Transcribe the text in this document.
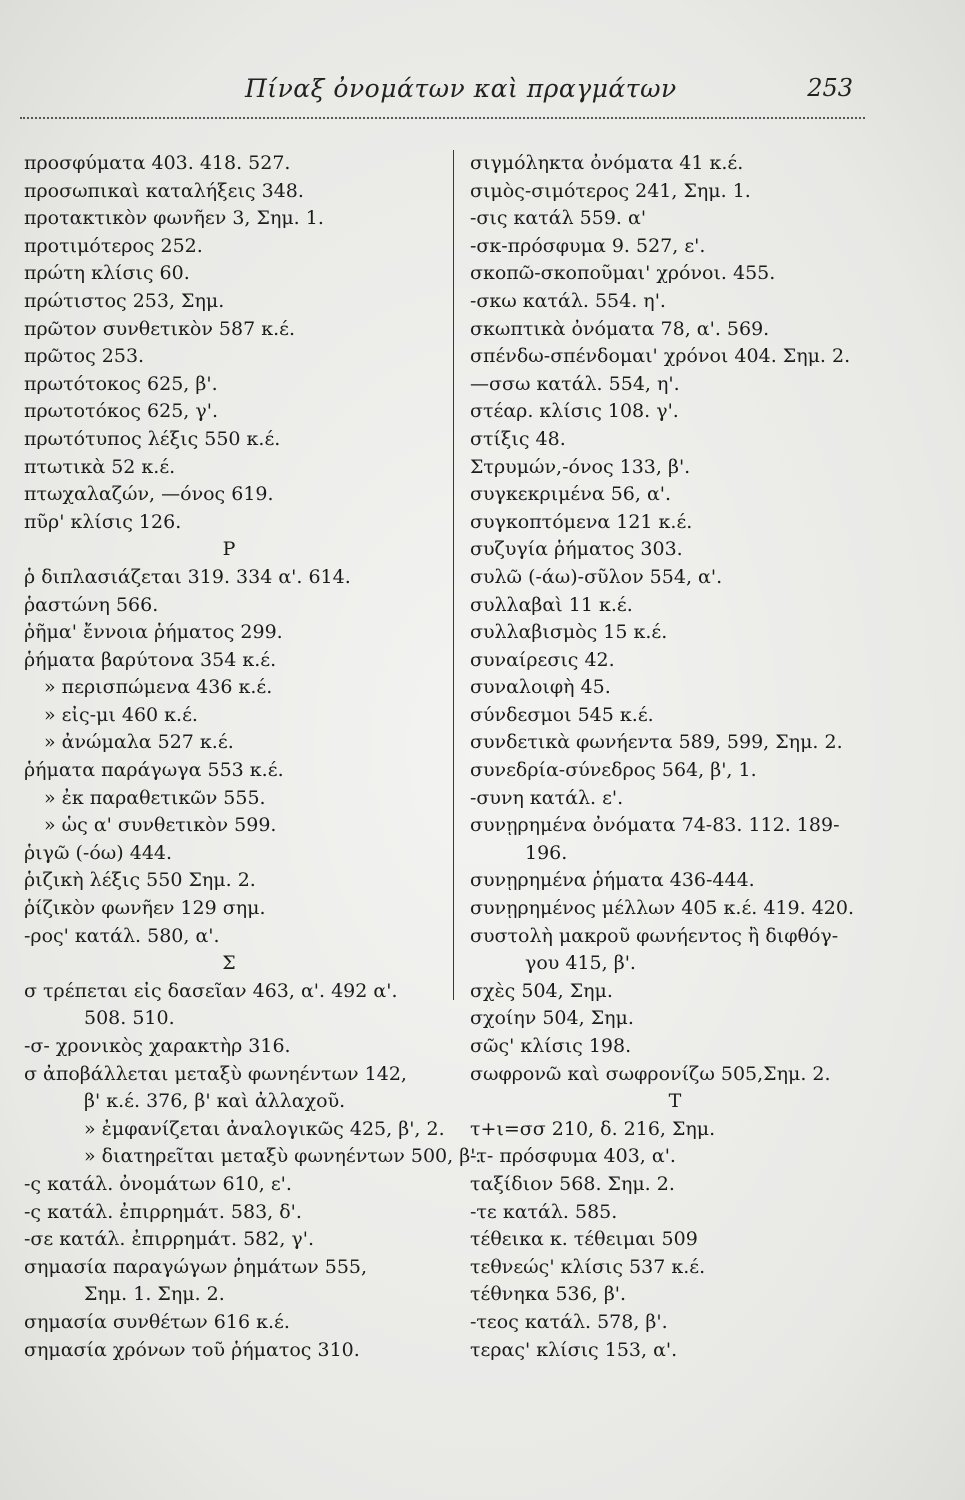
Πίναξ ὀνομάτων καὶ πραγμάτων	253
προσφύματα 403. 418. 527.
προσωπικαὶ καταλήξεις 348.
προτακτικὸν φωνῆεν 3, Σημ. 1.
προτιμότερος 252.
πρώτη κλίσις 60.
πρώτιστος 253, Σημ.
πρῶτον συνθετικὸν 587 κ.έ.
πρῶτος 253.
πρωτότοκος 625, β'.
πρωτοτόκος 625, γ'.
πρωτότυπος λέξις 550 κ.έ.
πτωτικὰ 52 κ.έ.
πτωχαλαζών, —όνος 619.
πῦρ' κλίσις 126.
Ρ
ῥ διπλασιάζεται 319. 334 α'. 614.
ῥαστώνη 566.
ῥῆμα' ἔννοια ῥήματος 299.
ῥήματα βαρύτονα 354 κ.έ.
» περισπώμενα 436 κ.έ.
» εἰς-μι 460 κ.έ.
» ἀνώμαλα 527 κ.έ.
ῥήματα παράγωγα 553 κ.έ.
» ἐκ παραθετικῶν 555.
» ὡς α' συνθετικὸν 599.
ῥιγῶ (-όω) 444.
ῥιζικὴ λέξις 550 Σημ. 2.
ῥίζικὸν φωνῆεν 129 σημ.
-ρος' κατάλ. 580, α'.
Σ
σ τρέπεται εἰς δασεῖαν 463, α'. 492 α'.
508. 510.
-σ- χρονικὸς χαρακτὴρ 316.
σ ἀποβάλλεται μεταξὺ φωνηέντων 142,
β' κ.έ. 376, β' καὶ ἀλλαχοῦ.
» ἐμφανίζεται ἀναλογικῶς 425, β', 2.
» διατηρεῖται μεταξὺ φωνηέντων 500, β'.
-ς κατάλ. ὀνομάτων 610, ε'.
-ς κατάλ. ἐπιρρημάτ. 583, δ'.
-σε κατάλ. ἐπιρρημάτ. 582, γ'.
σημασία παραγώγων ῥημάτων 555,
Σημ. 1. Σημ. 2.
σημασία συνθέτων 616 κ.έ.
σημασία χρόνων τοῦ ῥήματος 310.
σιγμόληκτα ὀνόματα 41 κ.έ.
σιμὸς-σιμότερος 241, Σημ. 1.
-σις κατάλ 559. α'
-σκ-πρόσφυμα 9. 527, ε'.
σκοπῶ-σκοποῦμαι' χρόνοι. 455.
-σκω κατάλ. 554. η'.
σκωπτικὰ ὀνόματα 78, α'. 569.
σπένδω-σπένδομαι' χρόνοι 404. Σημ. 2.
—σσω κατάλ. 554, η'.
στέαρ. κλίσις 108. γ'.
στίξις 48.
Στρυμών,-όνος 133, β'.
συγκεκριμένα 56, α'.
συγκοπτόμενα 121 κ.έ.
συζυγία ῥήματος 303.
συλῶ (-άω)-σῦλον 554, α'.
συλλαβαὶ 11 κ.έ.
συλλαβισμὸς 15 κ.έ.
συναίρεσις 42.
συναλοιφὴ 45.
σύνδεσμοι 545 κ.έ.
συνδετικὰ φωνήεντα 589, 599, Σημ. 2.
συνεδρία-σύνεδρος 564, β', 1.
-συνη κατάλ. ε'.
συνῃρημένα ὀνόματα 74-83. 112. 189-
196.
συνῃρημένα ῥήματα 436-444.
συνῃρημένος μέλλων 405 κ.έ. 419. 420.
συστολὴ μακροῦ φωνήεντος ἢ διφθόγ-
γου 415, β'.
σχὲς 504, Σημ.
σχοίην 504, Σημ.
σῶς' κλίσις 198.
σωφρονῶ καὶ σωφρονίζω 505,Σημ. 2.
Τ
τ+ι=σσ 210, δ. 216, Σημ.
-τ- πρόσφυμα 403, α'.
ταξίδιον 568. Σημ. 2.
-τε κατάλ. 585.
τέθεικα κ. τέθειμαι 509
τεθνεώς' κλίσις 537 κ.έ.
τέθνηκα 536, β'.
-τεος κατάλ. 578, β'.
τερας' κλίσις 153, α'.
